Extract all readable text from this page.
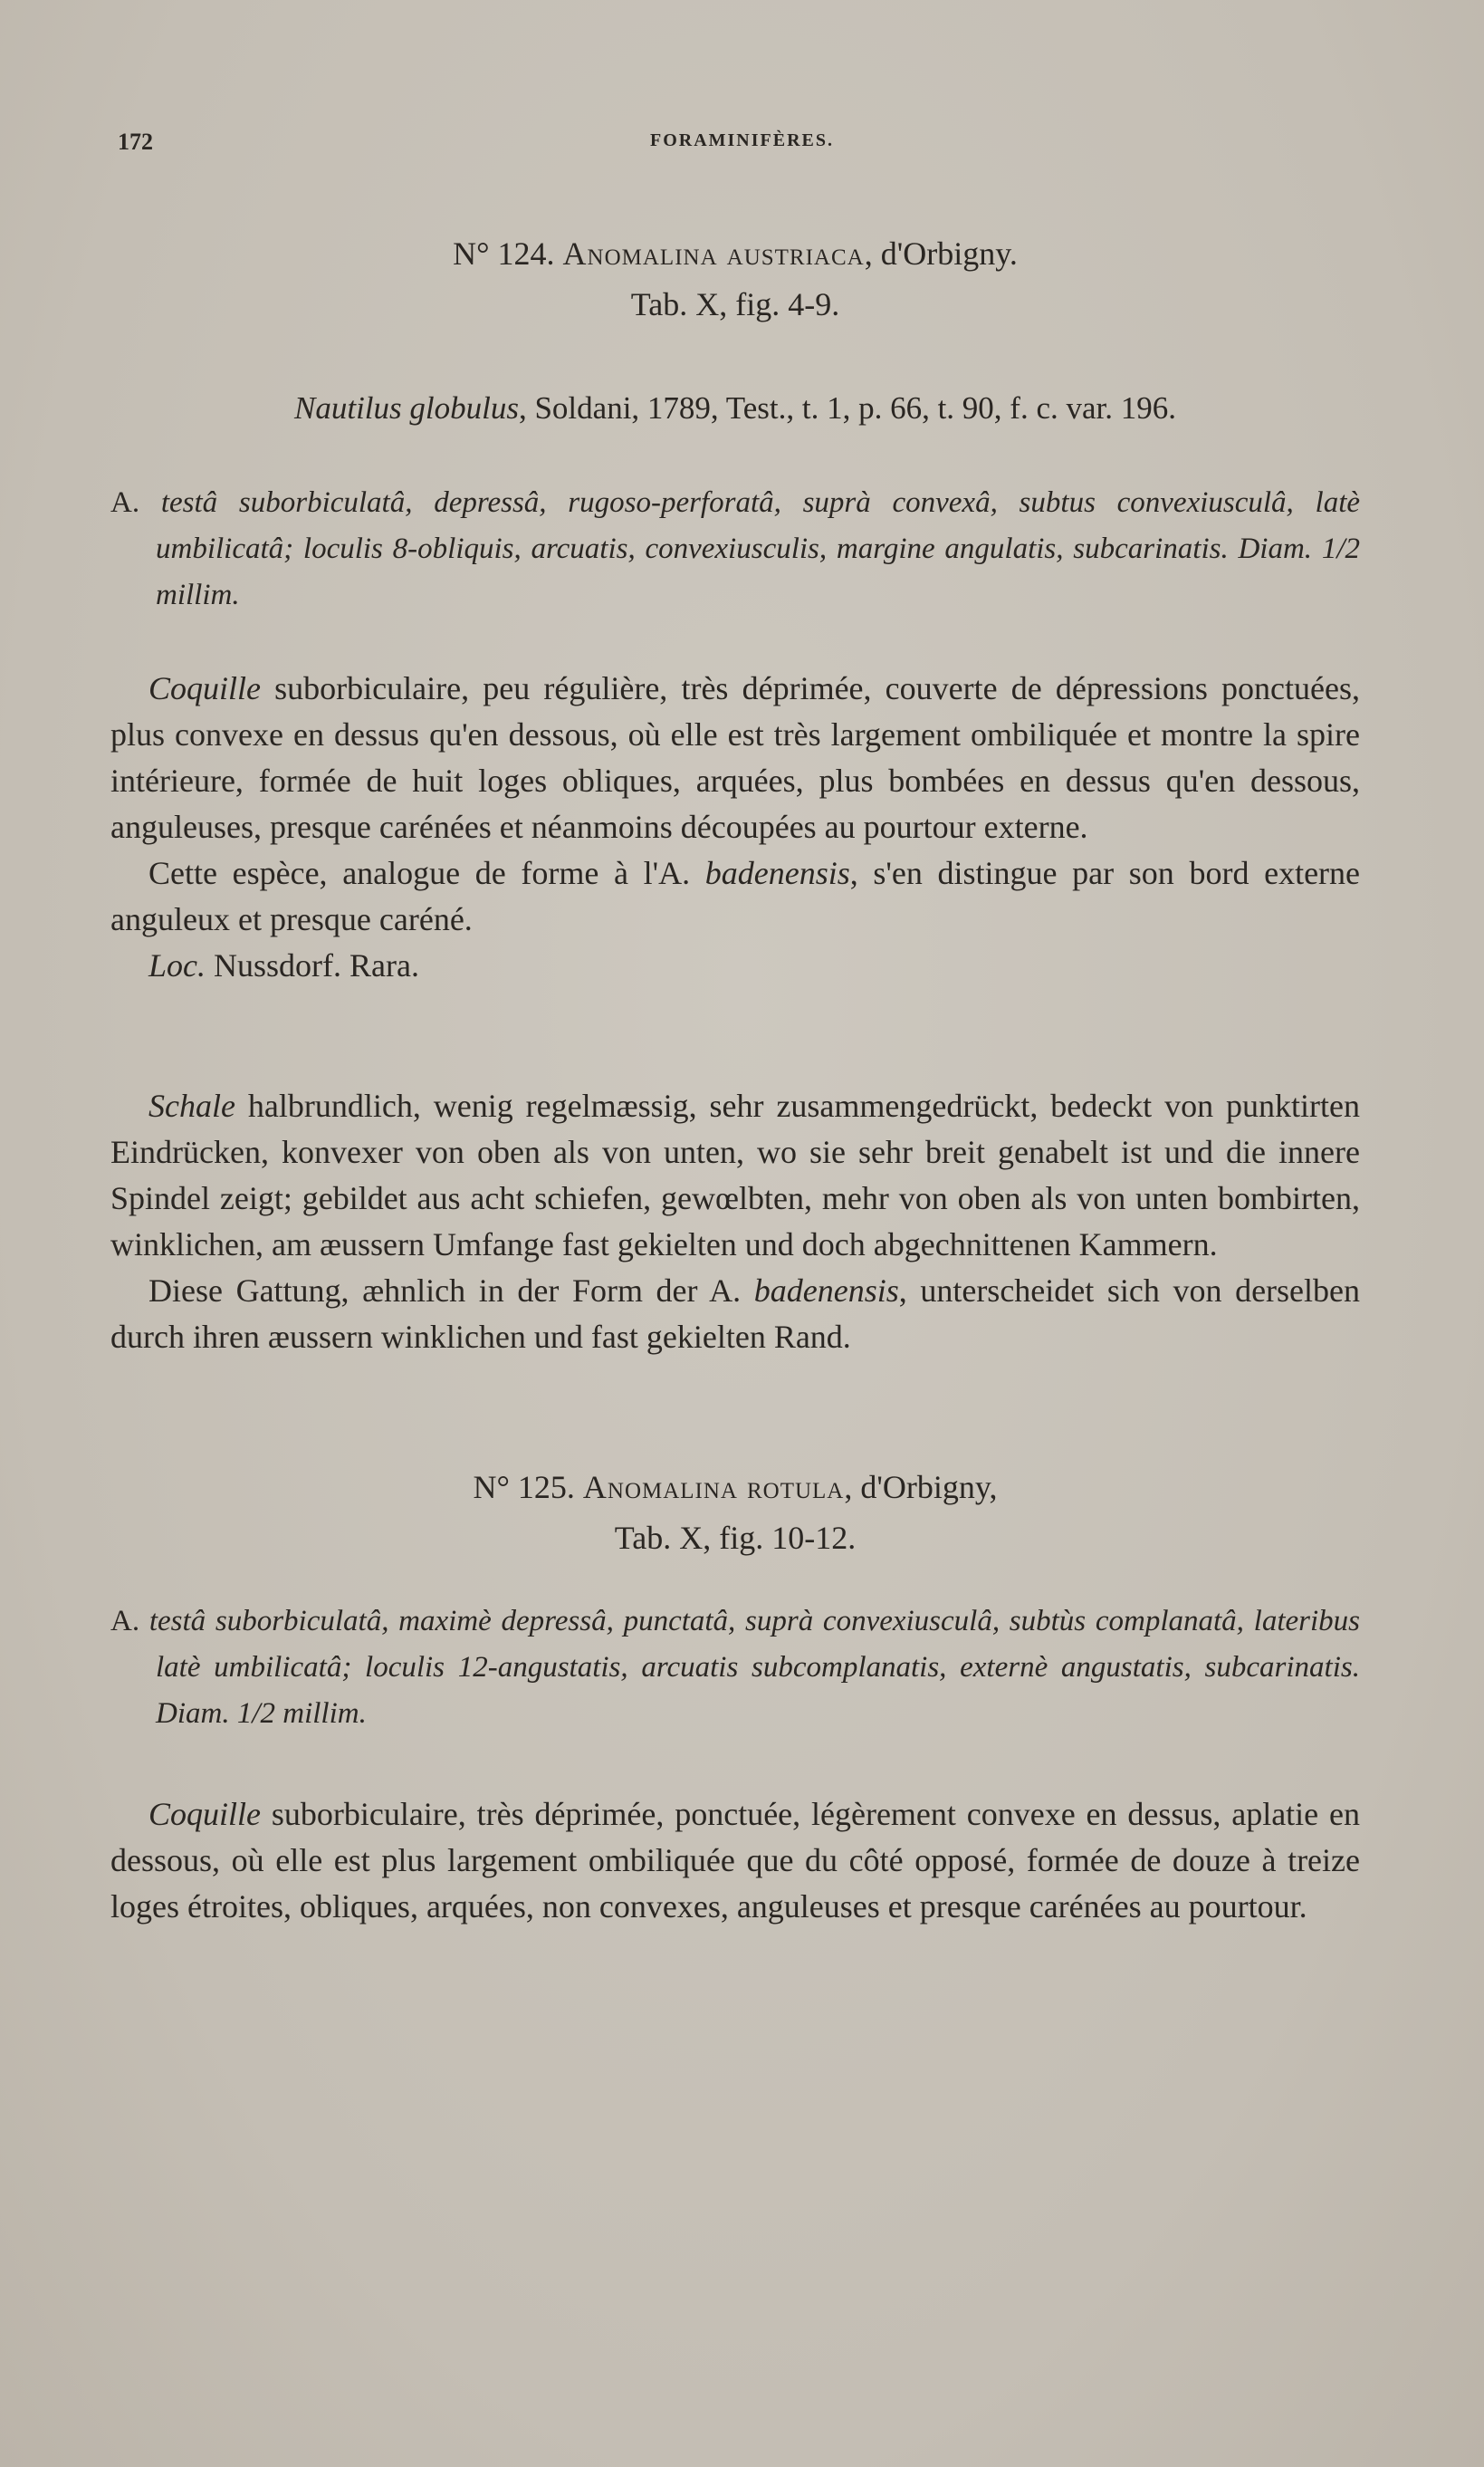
172	FORAMINIFÈRES.
N° 124. Anomalina austriaca, d'Orbigny.
Tab. X, fig. 4-9.

Nautilus globulus, Soldani, 1789, Test., t. 1, p. 66, t. 90, f. c. var. 196.

A. testâ suborbiculatâ, depressâ, rugoso-perforatâ, suprà convexâ, subtus convexiusculâ, latè umbilicatâ; loculis 8-obliquis, arcuatis, convexiusculis, margine angulatis, subcarinatis. Diam. 1/2 millim.

Coquille suborbiculaire, peu régulière, très déprimée, couverte de dépressions ponctuées, plus convexe en dessus qu'en dessous, où elle est très largement ombiliquée et montre la spire intérieure, formée de huit loges obliques, arquées, plus bombées en dessus qu'en dessous, anguleuses, presque carénées et néanmoins découpées au pourtour externe.

Cette espèce, analogue de forme à l'A. badenensis, s'en distingue par son bord externe anguleux et presque caréné.

Loc. Nussdorf. Rara.

Schale halbrundlich, wenig regelmæssig, sehr zusammengedrückt, bedeckt von punktirten Eindrücken, konvexer von oben als von unten, wo sie sehr breit genabelt ist und die innere Spindel zeigt; gebildet aus acht schiefen, gewœlbten, mehr von oben als von unten bombirten, winklichen, am æussern Umfange fast gekielten und doch abgechnittenen Kammern.

Diese Gattung, æhnlich in der Form der A. badenensis, unterscheidet sich von derselben durch ihren æussern winklichen und fast gekielten Rand.

N° 125. Anomalina rotula, d'Orbigny,
Tab. X, fig. 10-12.

A. testâ suborbiculatâ, maximè depressâ, punctatâ, suprà convexiusculâ, subtùs complanatâ, lateribus latè umbilicatâ; loculis 12-angustatis, arcuatis subcomplanatis, externè angustatis, subcarinatis. Diam. 1/2 millim.

Coquille suborbiculaire, très déprimée, ponctuée, légèrement convexe en dessus, aplatie en dessous, où elle est plus largement ombiliquée que du côté opposé, formée de douze à treize loges étroites, obliques, arquées, non convexes, anguleuses et presque carénées au pourtour.
